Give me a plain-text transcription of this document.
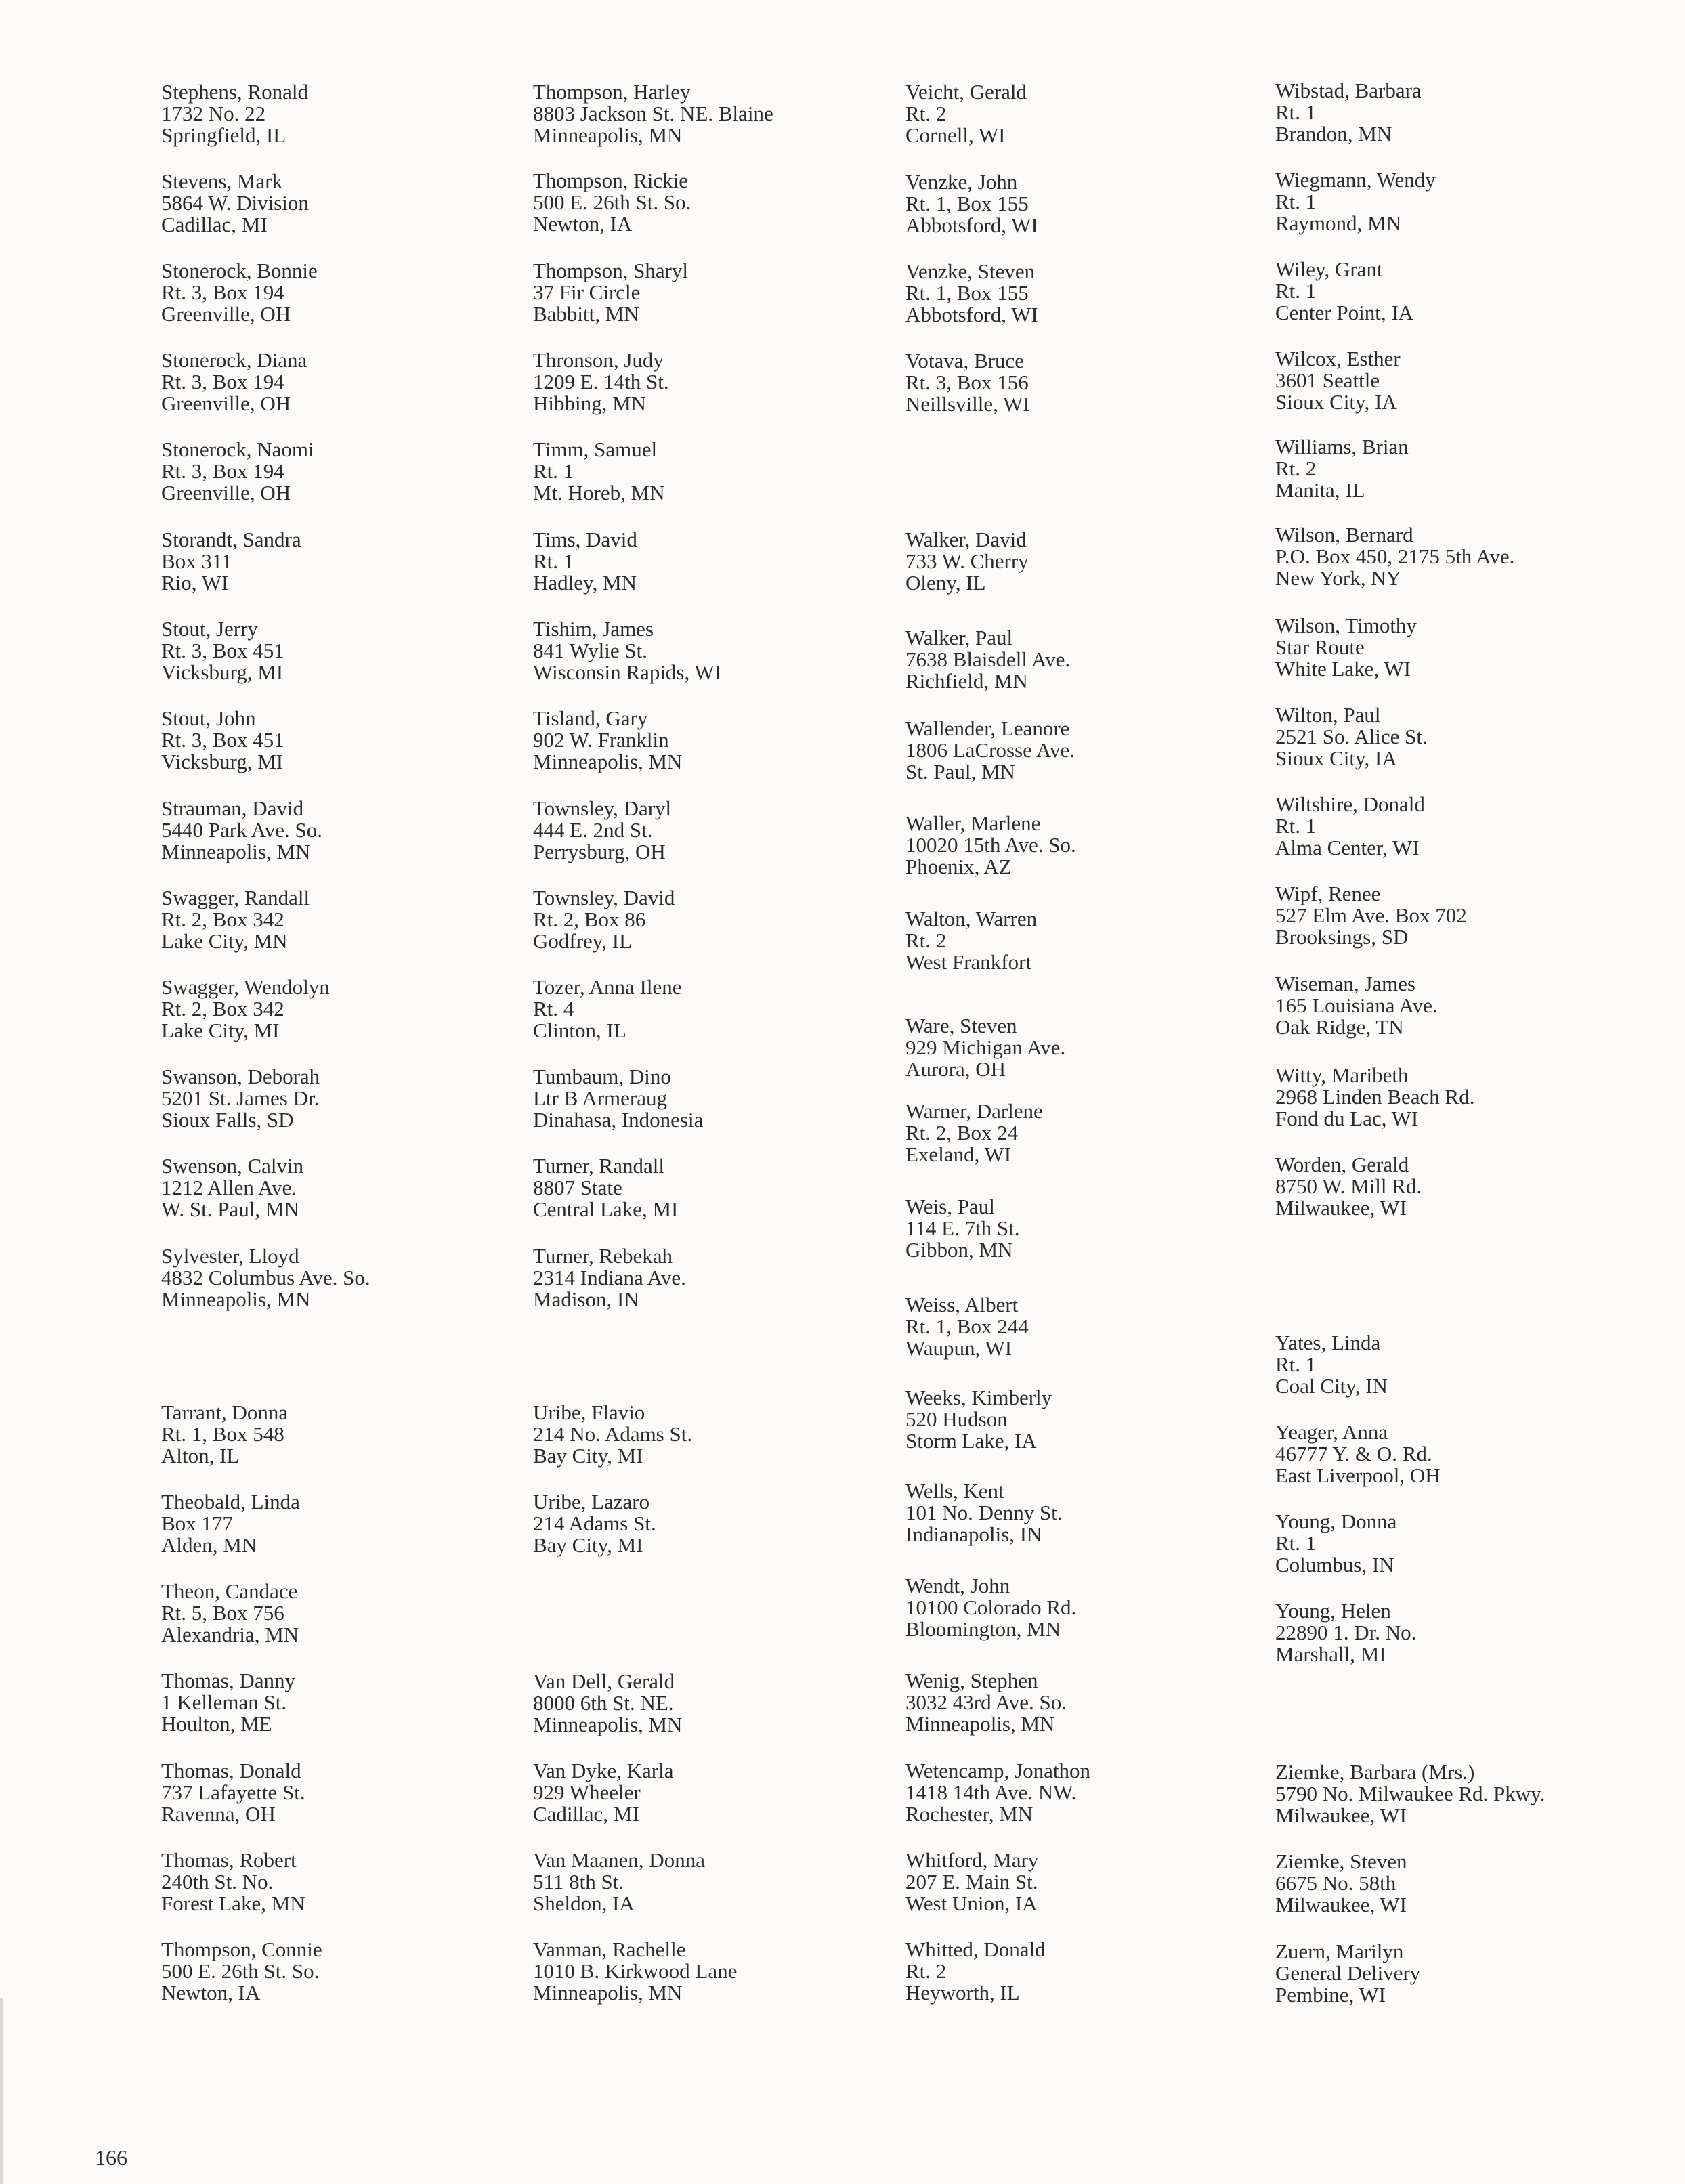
Stephens, Ronald
1732 No. 22
Springfield, IL
Stevens, Mark
5864 W. Division
Cadillac, MI
Stonerock, Bonnie
Rt. 3, Box 194
Greenville, OH
Stonerock, Diana
Rt. 3, Box 194
Greenville, OH
Stonerock, Naomi
Rt. 3, Box 194
Greenville, OH
Storandt, Sandra
Box 311
Rio, WI
Stout, Jerry
Rt. 3, Box 451
Vicksburg, MI
Stout, John
Rt. 3, Box 451
Vicksburg, MI
Strauman, David
5440 Park Ave. So.
Minneapolis, MN
Swagger, Randall
Rt. 2, Box 342
Lake City, MN
Swagger, Wendolyn
Rt. 2, Box 342
Lake City, MI
Swanson, Deborah
5201 St. James Dr.
Sioux Falls, SD
Swenson, Calvin
1212 Allen Ave.
W. St. Paul, MN
Sylvester, Lloyd
4832 Columbus Ave. So.
Minneapolis, MN
Tarrant, Donna
Rt. 1, Box 548
Alton, IL
Theobald, Linda
Box 177
Alden, MN
Theon, Candace
Rt. 5, Box 756
Alexandria, MN
Thomas, Danny
1 Kelleman St.
Houlton, ME
Thomas, Donald
737 Lafayette St.
Ravenna, OH
Thomas, Robert
240th St. No.
Forest Lake, MN
Thompson, Connie
500 E. 26th St. So.
Newton, IA
Thompson, Harley
8803 Jackson St. NE. Blaine
Minneapolis, MN
Thompson, Rickie
500 E. 26th St. So.
Newton, IA
Thompson, Sharyl
37 Fir Circle
Babbitt, MN
Thronson, Judy
1209 E. 14th St.
Hibbing, MN
Timm, Samuel
Rt. 1
Mt. Horeb, MN
Tims, David
Rt. 1
Hadley, MN
Tishim, James
841 Wylie St.
Wisconsin Rapids, WI
Tisland, Gary
902 W. Franklin
Minneapolis, MN
Townsley, Daryl
444 E. 2nd St.
Perrysburg, OH
Townsley, David
Rt. 2, Box 86
Godfrey, IL
Tozer, Anna Ilene
Rt. 4
Clinton, IL
Tumbaum, Dino
Ltr B Armeraug
Dinahasa, Indonesia
Turner, Randall
8807 State
Central Lake, MI
Turner, Rebekah
2314 Indiana Ave.
Madison, IN
Uribe, Flavio
214 No. Adams St.
Bay City, MI
Uribe, Lazaro
214 Adams St.
Bay City, MI
Van Dell, Gerald
8000 6th St. NE.
Minneapolis, MN
Van Dyke, Karla
929 Wheeler
Cadillac, MI
Van Maanen, Donna
511 8th St.
Sheldon, IA
Vanman, Rachelle
1010 B. Kirkwood Lane
Minneapolis, MN
Veicht, Gerald
Rt. 2
Cornell, WI
Venzke, John
Rt. 1, Box 155
Abbotsford, WI
Venzke, Steven
Rt. 1, Box 155
Abbotsford, WI
Votava, Bruce
Rt. 3, Box 156
Neillsville, WI
Walker, David
733 W. Cherry
Oleny, IL
Walker, Paul
7638 Blaisdell Ave.
Richfield, MN
Wallender, Leanore
1806 LaCrosse Ave.
St. Paul, MN
Waller, Marlene
10020 15th Ave. So.
Phoenix, AZ
Walton, Warren
Rt. 2
West Frankfort
Ware, Steven
929 Michigan Ave.
Aurora, OH
Warner, Darlene
Rt. 2, Box 24
Exeland, WI
Weis, Paul
114 E. 7th St.
Gibbon, MN
Weiss, Albert
Rt. 1, Box 244
Waupun, WI
Weeks, Kimberly
520 Hudson
Storm Lake, IA
Wells, Kent
101 No. Denny St.
Indianapolis, IN
Wendt, John
10100 Colorado Rd.
Bloomington, MN
Wenig, Stephen
3032 43rd Ave. So.
Minneapolis, MN
Wetencamp, Jonathon
1418 14th Ave. NW.
Rochester, MN
Whitford, Mary
207 E. Main St.
West Union, IA
Whitted, Donald
Rt. 2
Heyworth, IL
Wibstad, Barbara
Rt. 1
Brandon, MN
Wiegmann, Wendy
Rt. 1
Raymond, MN
Wiley, Grant
Rt. 1
Center Point, IA
Wilcox, Esther
3601 Seattle
Sioux City, IA
Williams, Brian
Rt. 2
Manita, IL
Wilson, Bernard
P.O. Box 450, 2175 5th Ave.
New York, NY
Wilson, Timothy
Star Route
White Lake, WI
Wilton, Paul
2521 So. Alice St.
Sioux City, IA
Wiltshire, Donald
Rt. 1
Alma Center, WI
Wipf, Renee
527 Elm Ave. Box 702
Brooksings, SD
Wiseman, James
165 Louisiana Ave.
Oak Ridge, TN
Witty, Maribeth
2968 Linden Beach Rd.
Fond du Lac, WI
Worden, Gerald
8750 W. Mill Rd.
Milwaukee, WI
Yates, Linda
Rt. 1
Coal City, IN
Yeager, Anna
46777 Y. & O. Rd.
East Liverpool, OH
Young, Donna
Rt. 1
Columbus, IN
Young, Helen
22890 1. Dr. No.
Marshall, MI
Ziemke, Barbara (Mrs.)
5790 No. Milwaukee Rd. Pkwy.
Milwaukee, WI
Ziemke, Steven
6675 No. 58th
Milwaukee, WI
Zuern, Marilyn
General Delivery
Pembine, WI
166
